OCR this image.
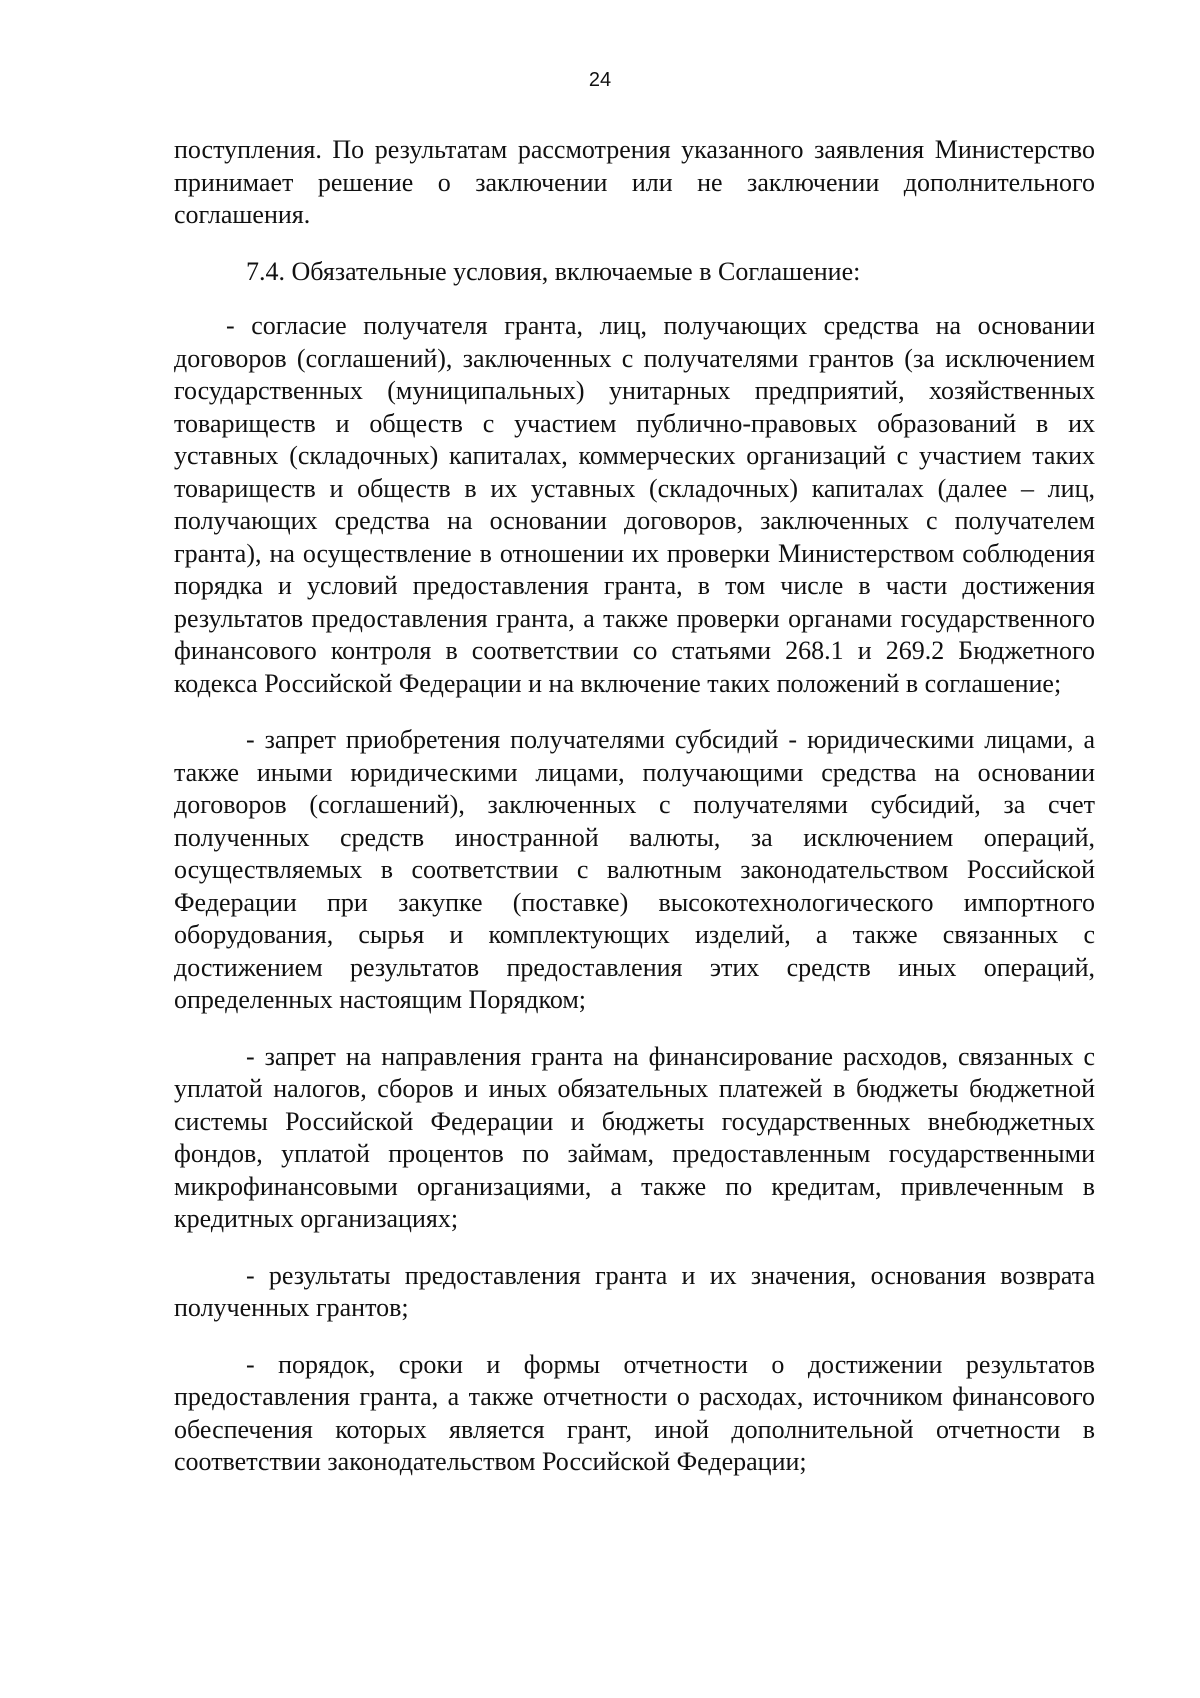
24

поступления. По результатам рассмотрения указанного заявления Министерство принимает решение о заключении или не заключении дополнительного соглашения.

7.4. Обязательные условия, включаемые в Соглашение:

- согласие получателя гранта, лиц, получающих средства на основании договоров (соглашений), заключенных с получателями грантов (за исключением государственных (муниципальных) унитарных предприятий, хозяйственных товариществ и обществ с участием публично-правовых образований в их уставных (складочных) капиталах, коммерческих организаций с участием таких товариществ и обществ в их уставных (складочных) капиталах (далее – лиц, получающих средства на основании договоров, заключенных с получателем гранта), на осуществление в отношении их проверки Министерством соблюдения порядка и условий предоставления гранта, в том числе в части достижения результатов предоставления гранта, а также проверки органами государственного финансового контроля в соответствии со статьями 268.1 и 269.2 Бюджетного кодекса Российской Федерации и на включение таких положений в соглашение;

- запрет приобретения получателями субсидий - юридическими лицами, а также иными юридическими лицами, получающими средства на основании договоров (соглашений), заключенных с получателями субсидий, за счет полученных средств иностранной валюты, за исключением операций, осуществляемых в соответствии с валютным законодательством Российской Федерации при закупке (поставке) высокотехнологического импортного оборудования, сырья и комплектующих изделий, а также связанных с достижением результатов предоставления этих средств иных операций, определенных настоящим Порядком;

- запрет на направления гранта на финансирование расходов, связанных с уплатой налогов, сборов и иных обязательных платежей в бюджеты бюджетной системы Российской Федерации и бюджеты государственных внебюджетных фондов, уплатой процентов по займам, предоставленным государственными микрофинансовыми организациями, а также по кредитам, привлеченным в кредитных организациях;

- результаты предоставления гранта и их значения, основания возврата полученных грантов;

- порядок, сроки и формы отчетности о достижении результатов предоставления гранта, а также отчетности о расходах, источником финансового обеспечения которых является грант, иной дополнительной отчетности в соответствии законодательством Российской Федерации;
